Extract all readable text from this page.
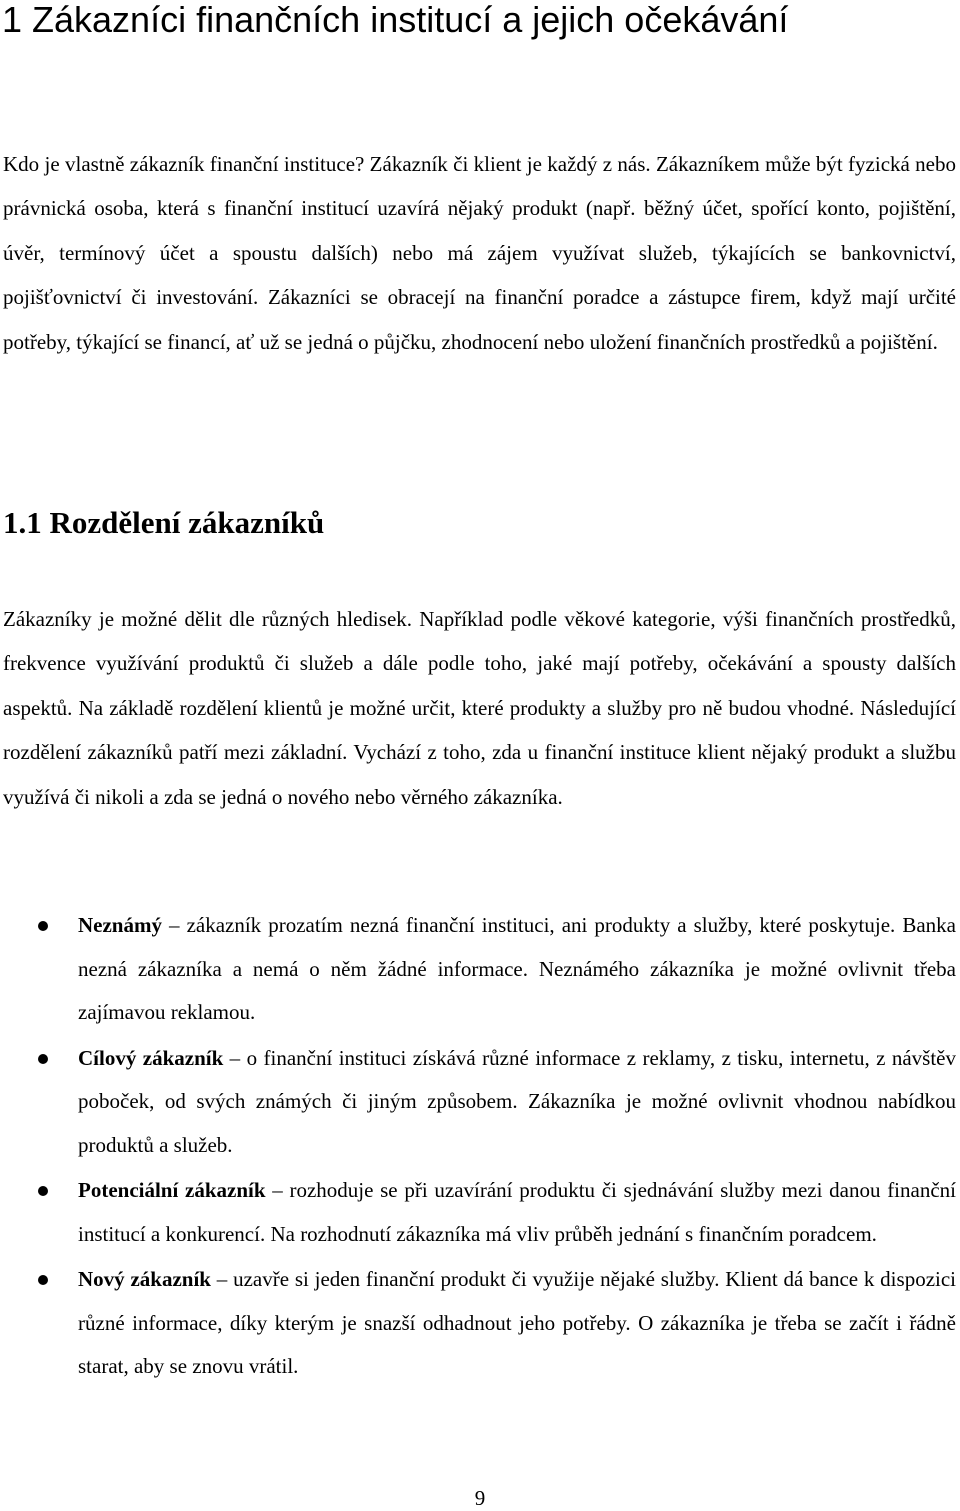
1 Zákazníci finančních institucí a jejich očekávání

Kdo je vlastně zákazník finanční instituce? Zákazník či klient je každý z nás. Zákazníkem může být fyzická nebo právnická osoba, která s finanční institucí uzavírá nějaký produkt (např. běžný účet, spořící konto, pojištění, úvěr, termínový účet a spoustu dalších) nebo má zájem využívat služeb, týkajících se bankovnictví, pojišťovnictví či investování. Zákazníci se obracejí na finanční poradce a zástupce firem, když mají určité potřeby, týkající se financí, ať už se jedná o půjčku, zhodnocení nebo uložení finančních prostředků a pojištění.

1.1 Rozdělení zákazníků

Zákazníky je možné dělit dle různých hledisek. Například podle věkové kategorie, výši finančních prostředků, frekvence využívání produktů či služeb a dále podle toho, jaké mají potřeby, očekávání a spousty dalších aspektů. Na základě rozdělení klientů je možné určit, které produkty a služby pro ně budou vhodné. Následující rozdělení zákazníků patří mezi základní. Vychází z toho, zda u finanční instituce klient nějaký produkt a službu využívá či nikoli a zda se jedná o nového nebo věrného zákazníka.

Neznámý – zákazník prozatím nezná finanční instituci, ani produkty a služby, které poskytuje. Banka nezná zákazníka a nemá o něm žádné informace. Neznámého zákazníka je možné ovlivnit třeba zajímavou reklamou.
Cílový zákazník – o finanční instituci získává různé informace z reklamy, z tisku, internetu, z návštěv poboček, od svých známých či jiným způsobem. Zákazníka je možné ovlivnit vhodnou nabídkou produktů a služeb.
Potenciální zákazník – rozhoduje se při uzavírání produktu či sjednávání služby mezi danou finanční institucí a konkurencí. Na rozhodnutí zákazníka má vliv průběh jednání s finančním poradcem.
Nový zákazník – uzavře si jeden finanční produkt či využije nějaké služby. Klient dá bance k dispozici různé informace, díky kterým je snazší odhadnout jeho potřeby. O zákazníka je třeba se začít i řádně starat, aby se znovu vrátil.
9
